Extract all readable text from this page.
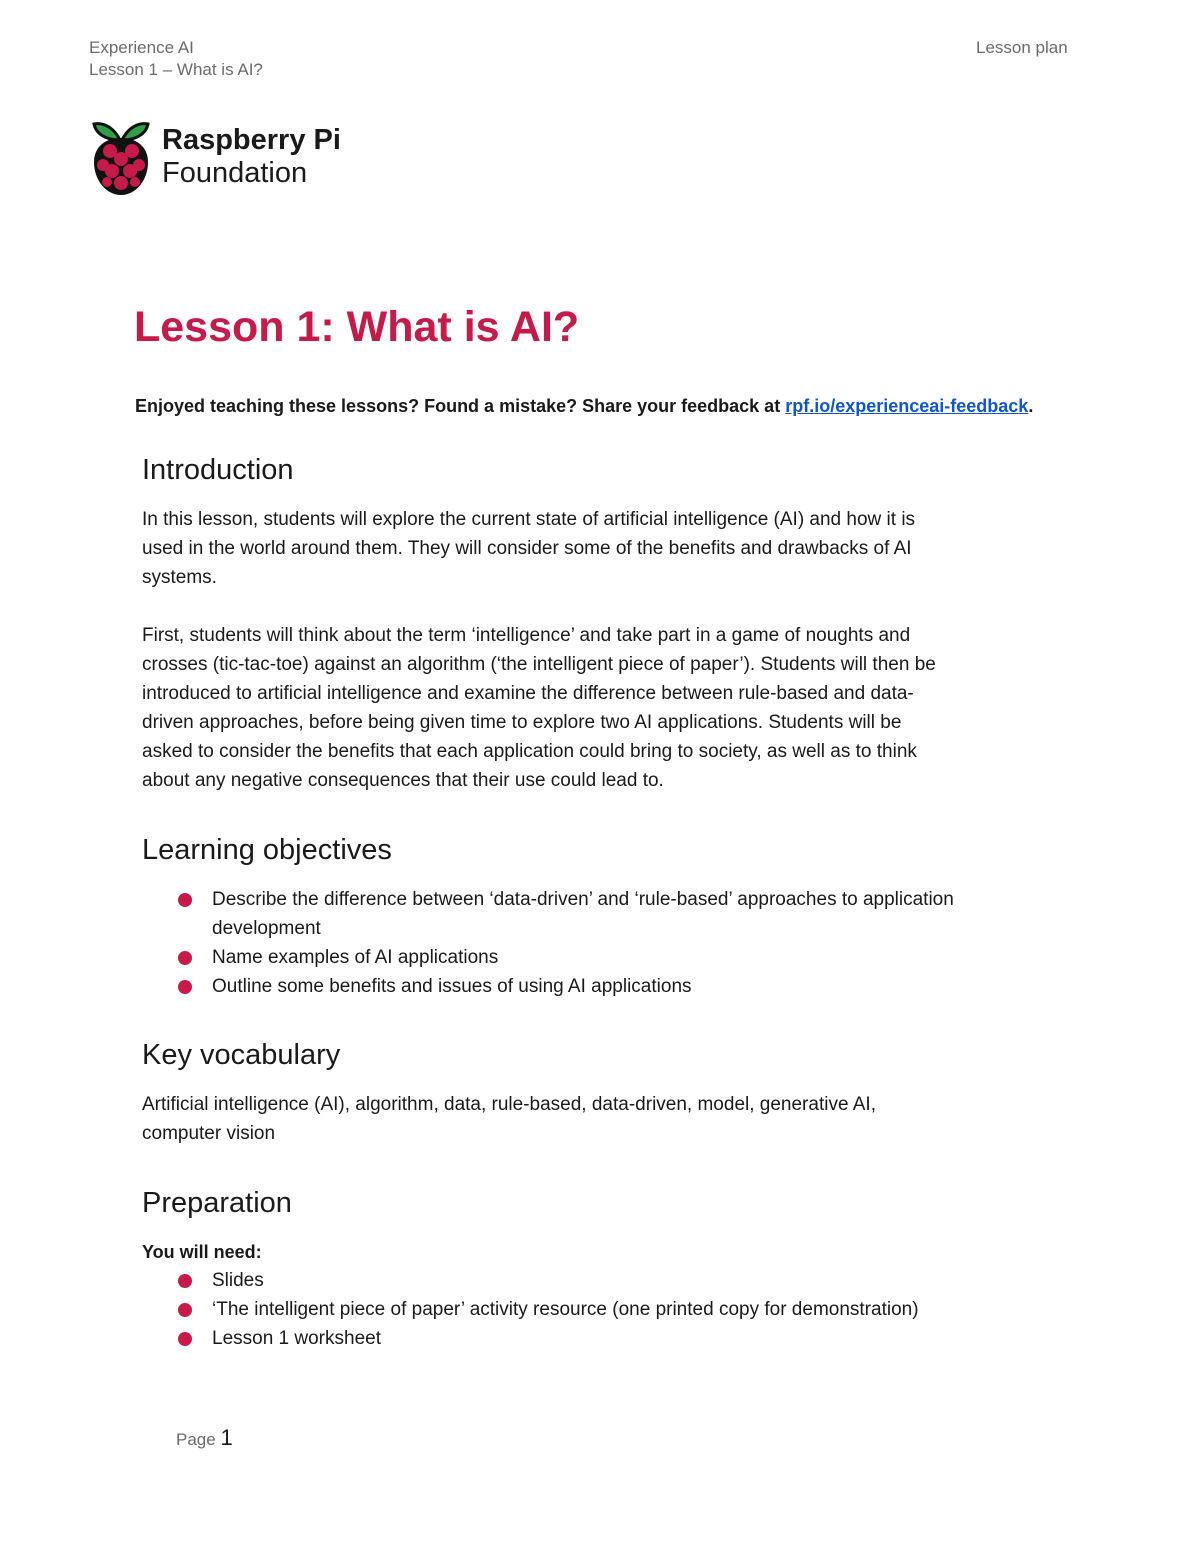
Experience AI
Lesson 1 – What is AI?
Lesson plan
Raspberry Pi
Foundation
Lesson 1: What is AI?
Enjoyed teaching these lessons? Found a mistake? Share your feedback at rpf.io/experienceai-feedback.
Introduction
In this lesson, students will explore the current state of artificial intelligence (AI) and how it is
used in the world around them. They will consider some of the benefits and drawbacks of AI
systems.
First, students will think about the term ‘intelligence’ and take part in a game of noughts and
crosses (tic-tac-toe) against an algorithm (‘the intelligent piece of paper’). Students will then be
introduced to artificial intelligence and examine the difference between rule-based and data-
driven approaches, before being given time to explore two AI applications. Students will be
asked to consider the benefits that each application could bring to society, as well as to think
about any negative consequences that their use could lead to.
Learning objectives
Describe the difference between ‘data-driven’ and ‘rule-based’ approaches to application
development
Name examples of AI applications
Outline some benefits and issues of using AI applications
Key vocabulary
Artificial intelligence (AI), algorithm, data, rule-based, data-driven, model, generative AI,
computer vision
Preparation
You will need:
Slides
‘The intelligent piece of paper’ activity resource (one printed copy for demonstration)
Lesson 1 worksheet
Page 1
